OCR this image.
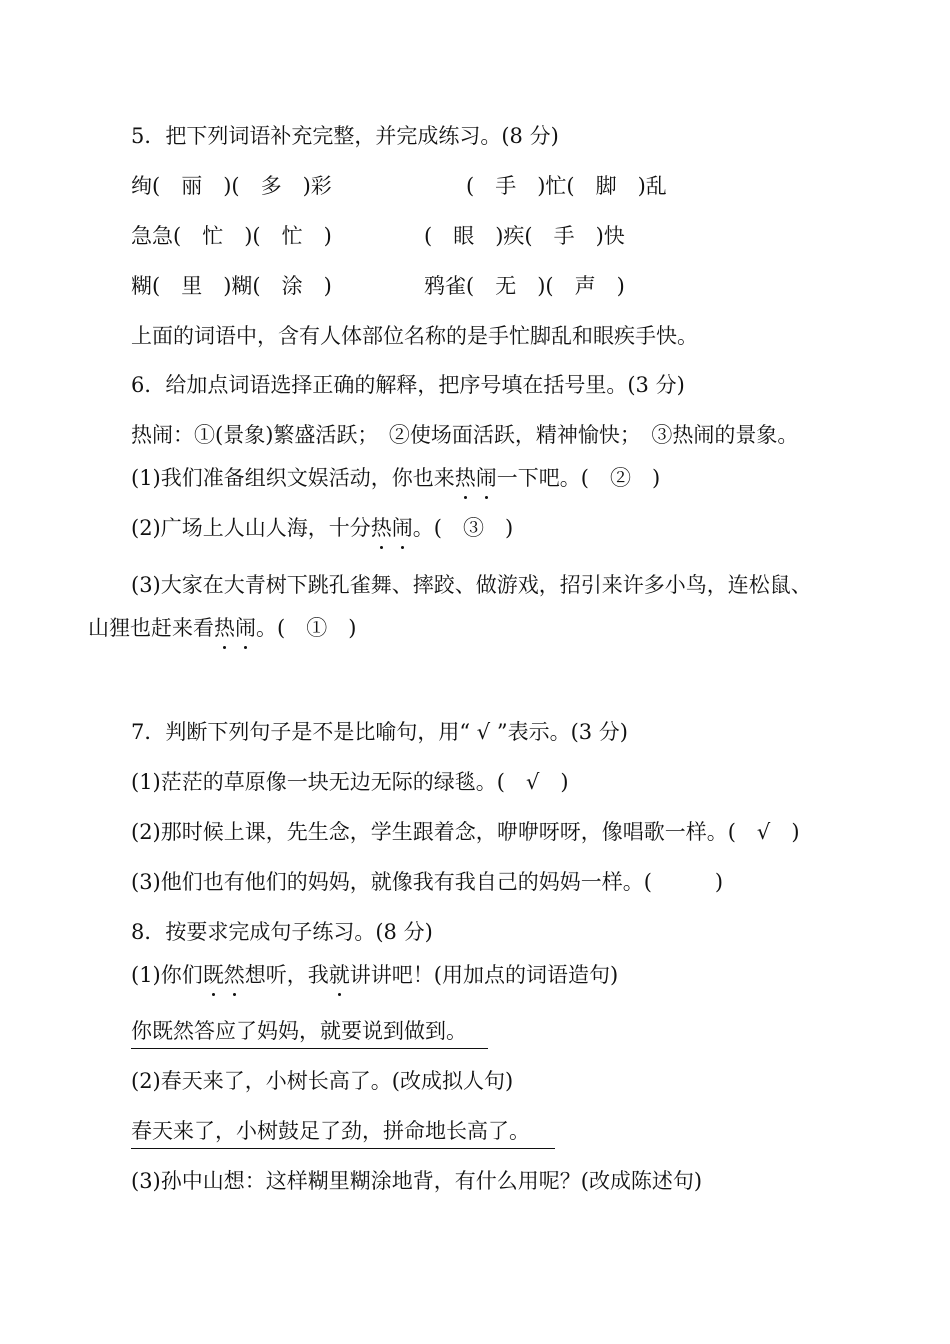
5．把下列词语补充完整，并完成练习。(8 分)
绚(　丽　)(　多　)彩	(　手　)忙(　脚　)乱
急急(　忙　)(　忙　)	(　眼　)疾(　手　)快
糊(　里　)糊(　涂　)	鸦雀(　无　)(　声　)
上面的词语中，含有人体部位名称的是手忙脚乱和眼疾手快。
6．给加点词语选择正确的解释，把序号填在括号里。(3 分)
热闹：①(景象)繁盛活跃；　②使场面活跃，精神愉快；　③热闹的景象。
(1)我们准备组织文娱活动，你也来热闹一下吧。(　②　)
(2)广场上人山人海，十分热闹。(　③　)
(3)大家在大青树下跳孔雀舞、摔跤、做游戏，招引来许多小鸟，连松鼠、
山狸也赶来看热闹。(　①　)
7．判断下列句子是不是比喻句，用“ √ ”表示。(3 分)
(1)茫茫的草原像一块无边无际的绿毯。(　√　)
(2)那时候上课，先生念，学生跟着念，咿咿呀呀，像唱歌一样。(　√　)
(3)他们也有他们的妈妈，就像我有我自己的妈妈一样。(　　　)
8．按要求完成句子练习。(8 分)
(1)你们既然想听，我就讲讲吧！(用加点的词语造句)
你既然答应了妈妈，就要说到做到。
(2)春天来了，小树长高了。(改成拟人句)
春天来了，小树鼓足了劲，拼命地长高了。
(3)孙中山想：这样糊里糊涂地背，有什么用呢？(改成陈述句)
